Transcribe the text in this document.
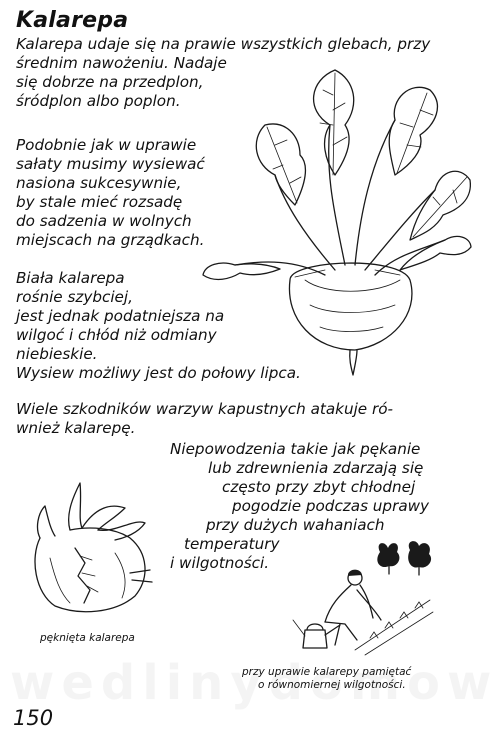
Kalarepa
Kalarepa udaje się na prawie wszystkich glebach, przy
średnim nawożeniu. Nadaje
się dobrze na przedplon,
śródplon albo poplon.
Podobnie jak w uprawie
sałaty musimy wysiewać
nasiona sukcesywnie,
by stale mieć rozsadę
do sadzenia w wolnych
miejscach na grządkach.
Biała kalarepa
rośnie szybciej,
jest jednak podatniejsza na
wilgoć i chłód niż odmiany
niebieskie.
Wysiew możliwy jest do połowy lipca.
Wiele szkodników warzyw kapustnych atakuje ró-
wnież kalarepę.
Niepowodzenia takie jak pękanie
lub zdrewnienia zdarzają się
często przy zbyt chłodnej
pogodzie podczas uprawy
przy dużych wahaniach
temperatury
i wilgotności.
pęknięta kalarepa
przy uprawie kalarepy pamiętać
o równomiernej wilgotności.
150
